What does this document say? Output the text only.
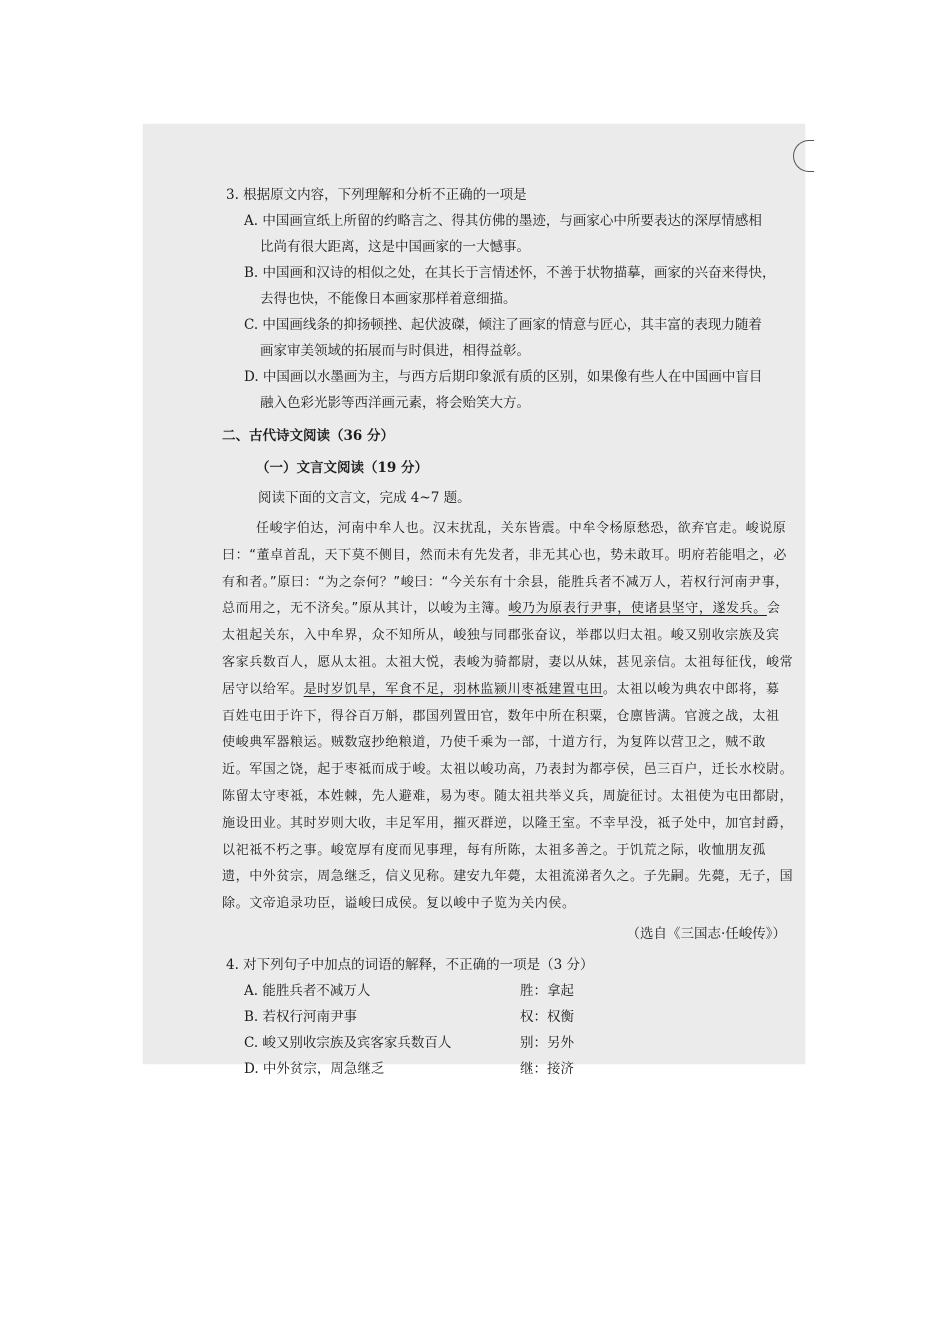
3. 根据原文内容，下列理解和分析不正确的一项是
A. 中国画宣纸上所留的约略言之、得其仿佛的墨迹，与画家心中所要表达的深厚情感相
比尚有很大距离，这是中国画家的一大憾事。
B. 中国画和汉诗的相似之处，在其长于言情述怀，不善于状物描摹，画家的兴奋来得快，
去得也快，不能像日本画家那样着意细描。
C. 中国画线条的抑扬顿挫、起伏波磔，倾注了画家的情意与匠心，其丰富的表现力随着
画家审美领域的拓展而与时俱进，相得益彰。
D. 中国画以水墨画为主，与西方后期印象派有质的区别，如果像有些人在中国画中盲目
融入色彩光影等西洋画元素，将会贻笑大方。
二、古代诗文阅读（36 分）
（一）文言文阅读（19 分）
阅读下面的文言文，完成 4~7 题。
任峻字伯达，河南中牟人也。汉末扰乱，关东皆震。中牟令杨原愁恐，欲弃官走。峻说原
曰：“董卓首乱，天下莫不侧目，然而未有先发者，非无其心也，势未敢耳。明府若能唱之，必
有和者。”原曰：“为之奈何？”峻曰：“今关东有十余县，能胜兵者不减万人，若权行河南尹事，
总而用之，无不济矣。”原从其计，以峻为主簿。峻乃为原表行尹事，使诸县坚守，遂发兵。会
太祖起关东，入中牟界，众不知所从，峻独与同郡张奋议，举郡以归太祖。峻又别收宗族及宾
客家兵数百人，愿从太祖。太祖大悦，表峻为骑都尉，妻以从妹，甚见亲信。太祖每征伐，峻常
居守以给军。是时岁饥旱，军食不足，羽林监颍川枣祗建置屯田。太祖以峻为典农中郎将，募
百姓屯田于许下，得谷百万斛，郡国列置田官，数年中所在积粟，仓廪皆满。官渡之战，太祖
使峻典军器粮运。贼数寇抄绝粮道，乃使千乘为一部，十道方行，为复阵以营卫之，贼不敢
近。军国之饶，起于枣祗而成于峻。太祖以峻功高，乃表封为都亭侯，邑三百户，迁长水校尉。
陈留太守枣祗，本姓棘，先人避难，易为枣。随太祖共举义兵，周旋征讨。太祖使为屯田都尉，
施设田业。其时岁则大收，丰足军用，摧灭群逆，以隆王室。不幸早没，祗子处中，加官封爵，
以祀祗不朽之事。峻宽厚有度而见事理，每有所陈，太祖多善之。于饥荒之际，收恤朋友孤
遗，中外贫宗，周急继乏，信义见称。建安九年薨，太祖流涕者久之。子先嗣。先薨，无子，国
除。文帝追录功臣，谥峻曰成侯。复以峻中子览为关内侯。
（选自《三国志·任峻传》）
4. 对下列句子中加点的词语的解释，不正确的一项是（3 分）
A. 能胜兵者不减万人	胜：拿起
B. 若权行河南尹事	权：权衡
C. 峻又别收宗族及宾客家兵数百人	别：另外
D. 中外贫宗，周急继乏	继：接济
